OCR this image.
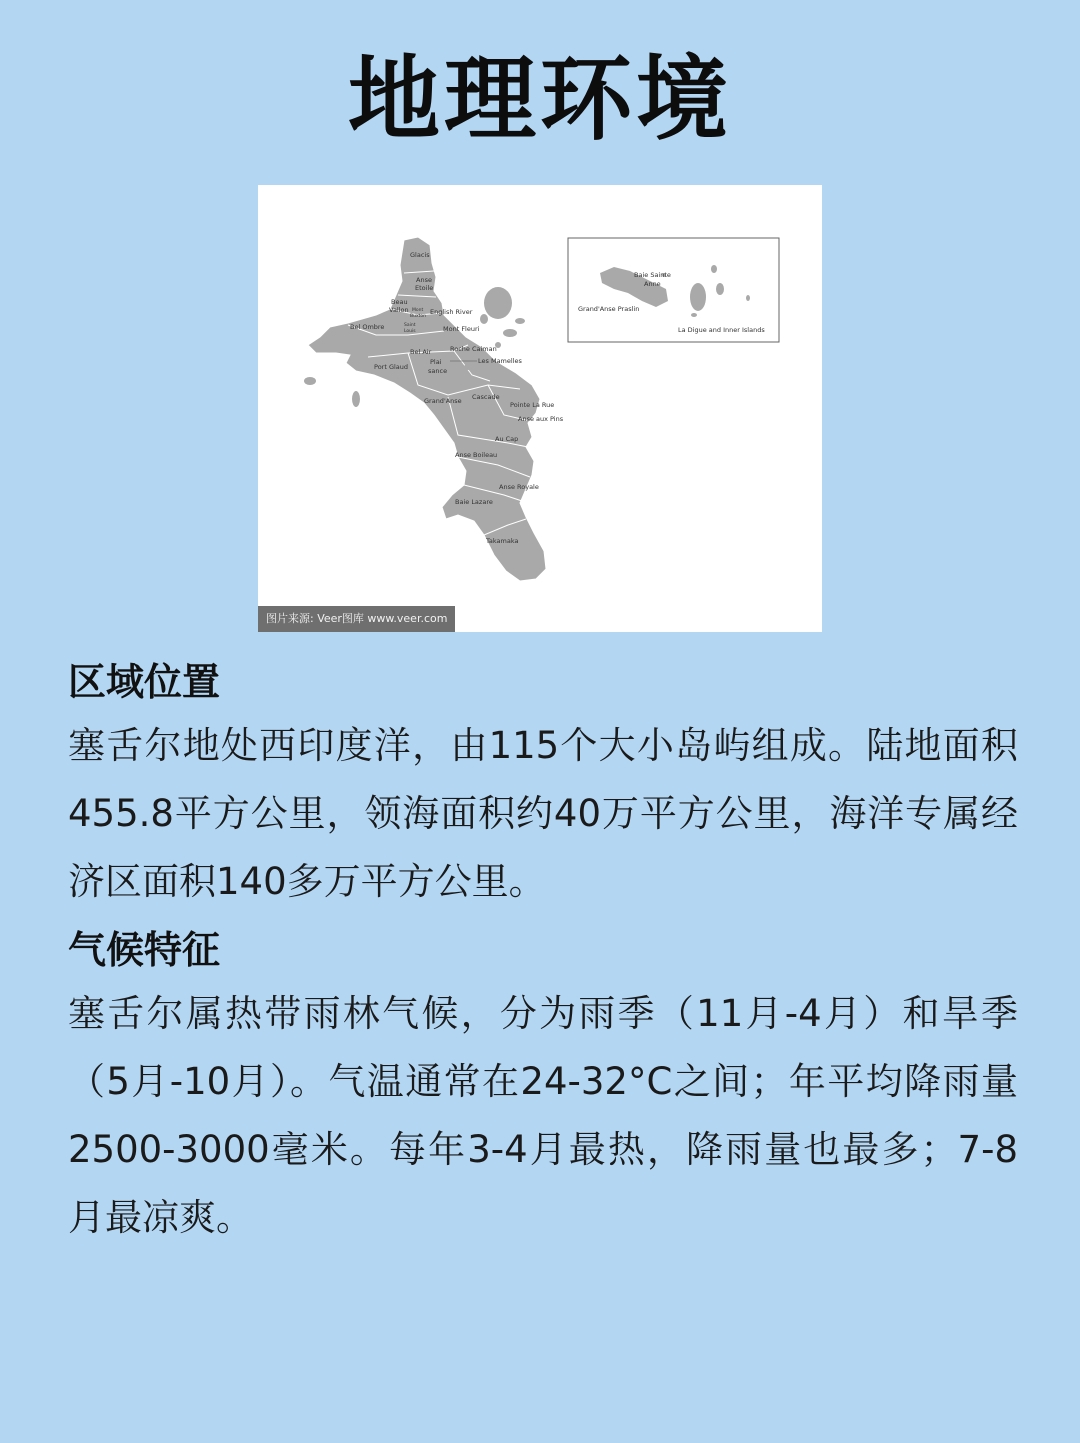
地理环境
Glacis
Anse
Etoile
Beau
Vallon Mont
Buxton
English River
Bel Ombre	Saint
Louis	Mont Fleuri
Bel Air	Roche Caiman
Plai
sance
Les Mamelles
Port Glaud
Cascade
Grand'Anse	Pointe La Rue
Anse aux Pins
Au Cap
Anse Boileau
Anse Royale
Baie Lazare
Takamaka
Baie Sainte
Anne
Grand'Anse Praslin
La Digue and Inner Islands
图片来源: Veer图库 www.veer.com
区域位置

塞舌尔地处西印度洋，由115个大小岛屿组成。陆地面积455.8平方公里，领海面积约40万平方公里，海洋专属经济区面积140多万平方公里。

气候特征

塞舌尔属热带雨林气候，分为雨季（11月-4月）和旱季（5月-10月）。气温通常在24-32°C之间；年平均降雨量2500-3000毫米。每年3-4月最热，降雨量也最多；7-8月最凉爽。
